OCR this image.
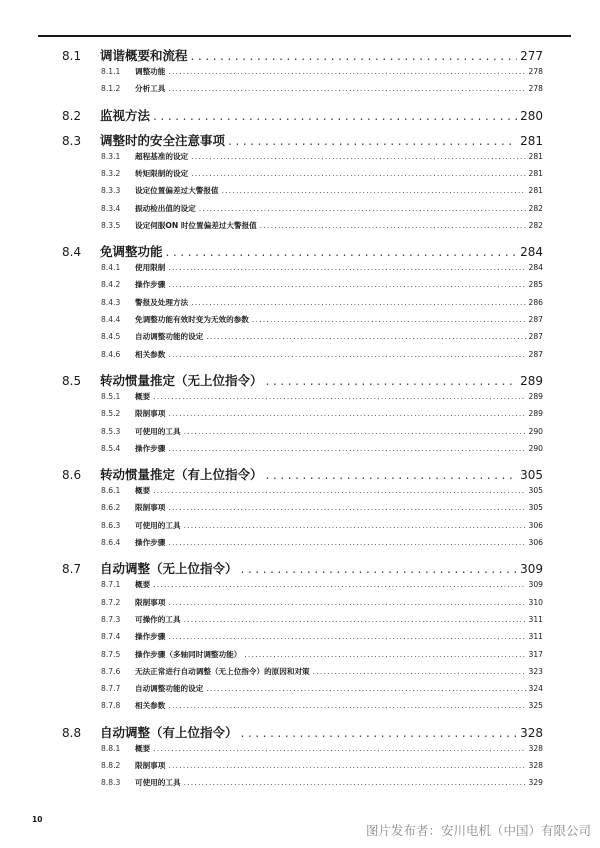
8.1	调谐概要和流程 .....	277
8.1.1	调整功能 .....	278
8.1.2	分析工具 .....	278
8.2	监视方法 .....	280
8.3	调整时的安全注意事项 .....	281
8.3.1	超程基准的设定 .....	281
8.3.2	转矩限制的设定 .....	281
8.3.3	设定位置偏差过大警报值 .....	281
8.3.4	振动检出值的设定 .....	282
8.3.5	设定伺服ON 时位置偏差过大警报值 .....	282
8.4	免调整功能 .....	284
8.4.1	使用限制 .....	284
8.4.2	操作步骤 .....	285
8.4.3	警报及处理方法 .....	286
8.4.4	免调整功能有效时变为无效的参数 .....	287
8.4.5	自动调整功能的设定 .....	287
8.4.6	相关参数 .....	287
8.5	转动惯量推定（无上位指令） .....	289
8.5.1	概要 .....	289
8.5.2	限制事项 .....	289
8.5.3	可使用的工具 .....	290
8.5.4	操作步骤 .....	290
8.6	转动惯量推定（有上位指令） .....	305
8.6.1	概要 .....	305
8.6.2	限制事项 .....	305
8.6.3	可使用的工具 .....	306
8.6.4	操作步骤 .....	306
8.7	自动调整（无上位指令） .....	309
8.7.1	概要 .....	309
8.7.2	限制事项 .....	310
8.7.3	可操作的工具 .....	311
8.7.4	操作步骤 .....	311
8.7.5	操作步骤（多轴同时调整功能） .....	317
8.7.6	无法正常进行自动调整（无上位指令）的原因和对策 .....	323
8.7.7	自动调整功能的设定 .....	324
8.7.8	相关参数 .....	325
8.8	自动调整（有上位指令） .....	328
8.8.1	概要 .....	328
8.8.2	限制事项 .....	328
8.8.3	可使用的工具 .....	329
10
图片发布者：安川电机（中国）有限公司
